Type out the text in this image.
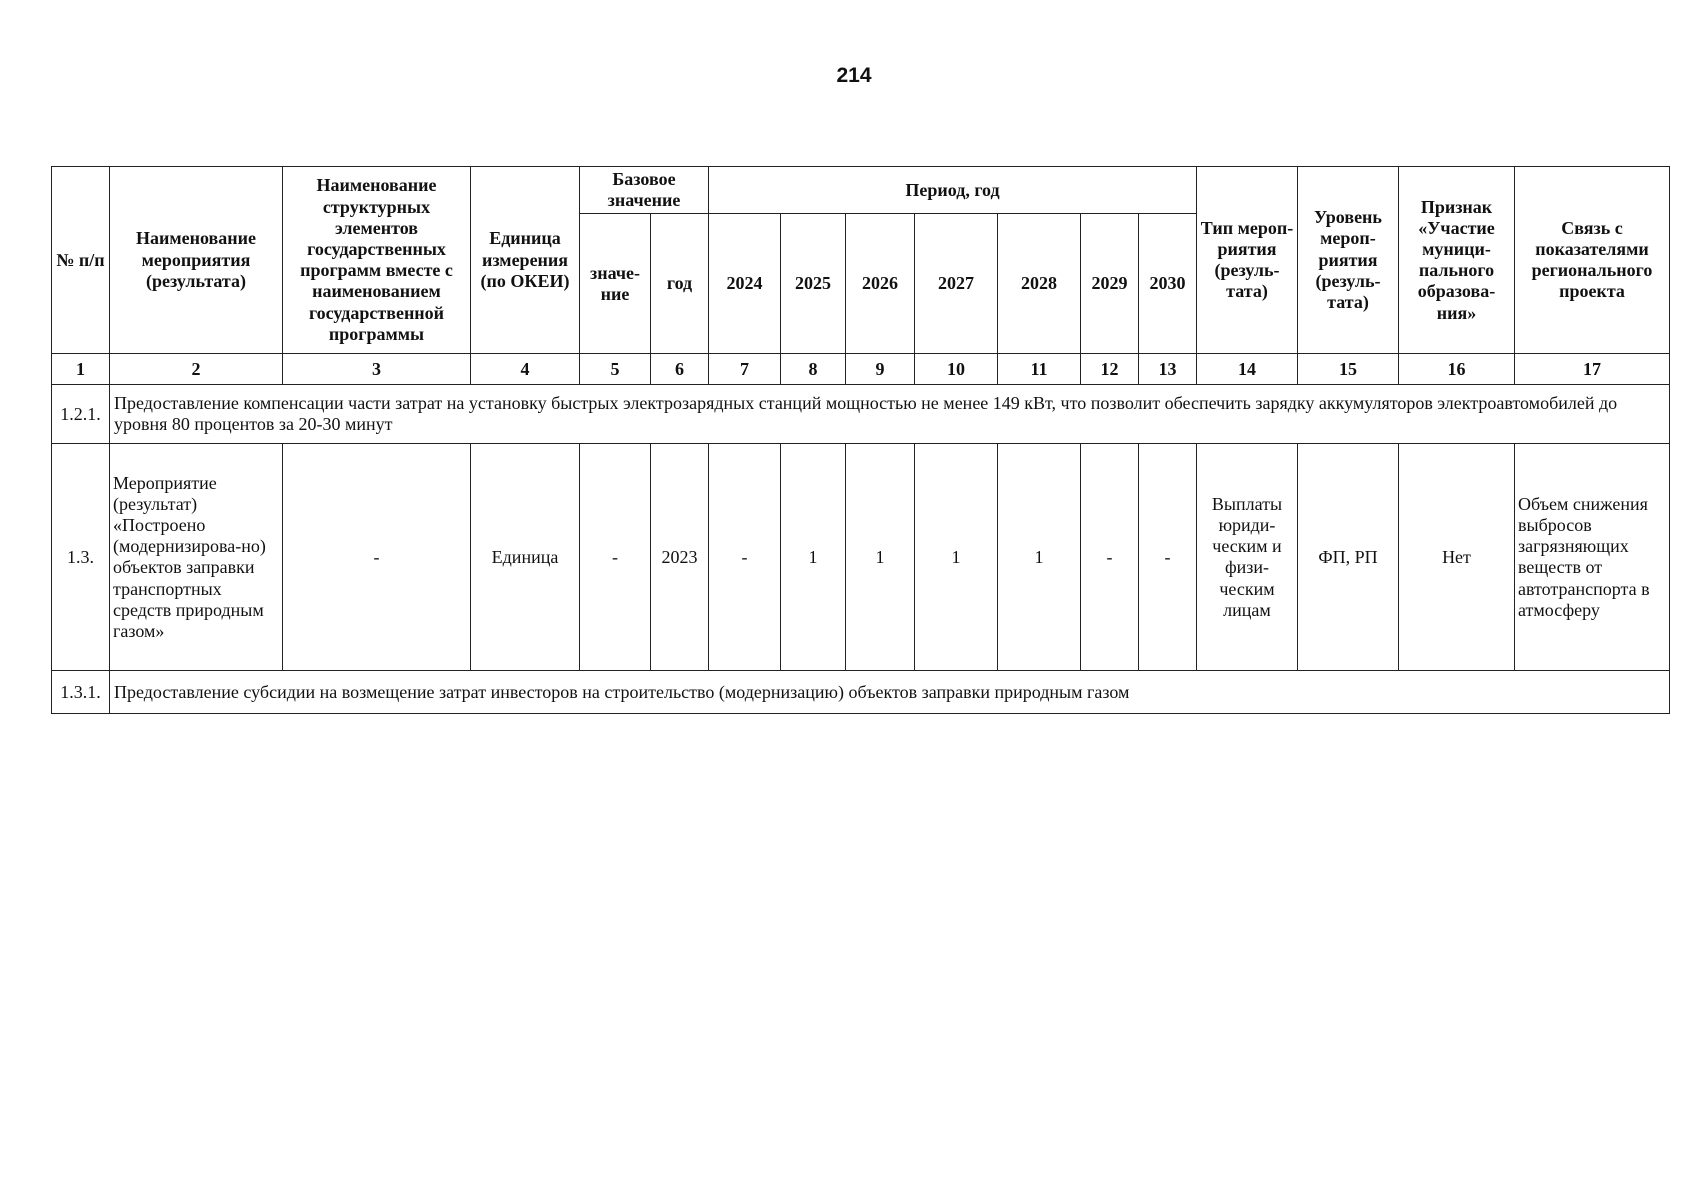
214
№ п/п	Наименование мероприятия (результата)	Наименование структурных элементов государственных программ вместе с наименованием государственной программы	Единица измерения (по ОКЕИ)	Базовое значение		Период, год							Тип мероп-риятия (резуль-тата)	Уровень мероп-риятия (резуль-тата)	Признак «Участие муници-пального образова-ния»	Связь с показателями регионального проекта
				значе-ние	год	2024	2025	2026	2027	2028	2029	2030				
1	2	3	4	5	6	7	8	9	10	11	12	13	14	15	16	17
1.2.1.	Предоставление компенсации части затрат на установку быстрых электрозарядных станций мощностью не менее 149 кВт, что позволит обеспечить зарядку аккумуляторов электроавтомобилей до уровня 80 процентов за 20-30 минут															
1.3.	Мероприятие (результат) «Построено (модернизирова-но) объектов заправки транспортных средств природным газом»	-	Единица	-	2023	-	1	1	1	1	-	-	Выплаты юриди-ческим и физи-ческим лицам	ФП, РП	Нет	Объем снижения выбросов загрязняющих веществ от автотранспорта в атмосферу
1.3.1.	Предоставление субсидии на возмещение затрат инвесторов на строительство (модернизацию) объектов заправки природным газом															
